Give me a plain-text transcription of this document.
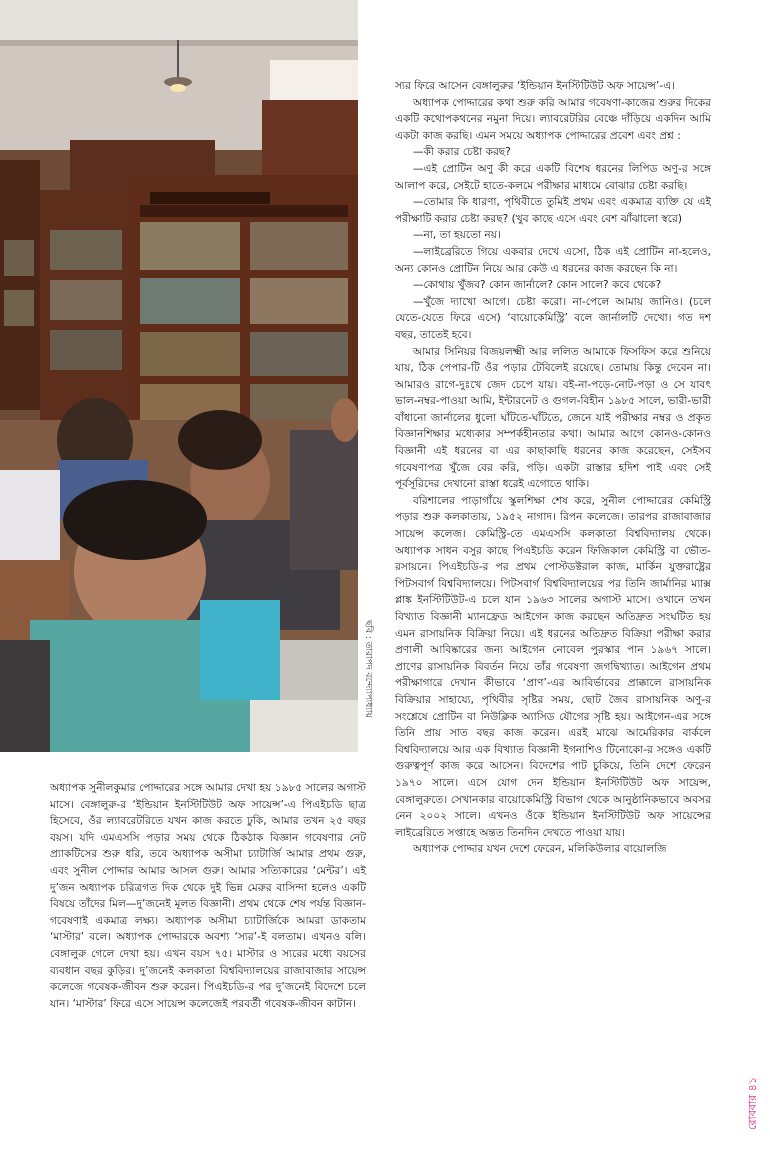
ছবি : তারাপদ বন্দ্যোপাধ্যায়

অধ্যাপক সুনীলকুমার পোদ্দারের সঙ্গে আমার দেখা হয় ১৯৮৫ সালের অগাস্ট মাসে। বেঙ্গালুরু-র ‘ইন্ডিয়ান ইনস্টিটিউট অফ সায়েন্স’-এ পিএইচডি ছাত্র হিসেবে, ওঁর ল্যাবরেটরিতে যখন কাজ করতে ঢুকি, আমার তখন ২৫ বছর বয়স। যদি এমএসসি পড়ার সময় থেকে ঠিকঠাক বিজ্ঞান গবেষণার নেট প্র্যাকটিসের শুরু ধরি, তবে অধ্যাপক অসীমা চ্যাটার্জি আমার প্রথম গুরু, এবং সুনীল পোদ্দার আমার আসল গুরু। আমার সত্যিকারের ‘মেন্টর’। এই দু’জন অধ্যাপক চরিত্রগত দিক থেকে দুই ভিন্ন মেরুর বাসিন্দা হলেও একটি বিষয়ে তাঁদের মিল—দু’জনেই মূলত বিজ্ঞানী। প্রথম থেকে শেষ পর্যন্ত বিজ্ঞান-গবেষণাই একমাত্র লক্ষ্য। অধ্যাপক অসীমা চ্যাটার্জিকে আমরা ডাকতাম ‘মাস্টার’ বলে। অধ্যাপক পোদ্দারকে অবশ্য ‘স্যর’-ই বলতাম। এখনও বলি। বেঙ্গালুরু গেলে দেখা হয়। এখন বয়স ৭৫। মাস্টার ও স্যরের মধ্যে বয়সের ব্যবধান বছর কুড়ির। দু’জনেই কলকাতা বিশ্ববিদ্যালয়ের রাজাবাজার সায়েন্স কলেজে গবেষক-জীবন শুরু করেন। পিএইচডি-র পর দু’জনেই বিদেশে চলে যান। ‘মাস্টার’ ফিরে এসে সায়েন্স কলেজেই পরবর্তী গবেষক-জীবন কাটান।

স্যর ফিরে আসেন বেঙ্গালুরুর ‘ইন্ডিয়ান ইনস্টিটিউট অফ সায়েন্স’-এ।

অধ্যাপক পোদ্দারের কথা শুরু করি আমার গবেষণা-কাজের শুরুর দিকের একটি কথোপকথনের নমুনা দিয়ে। ল্যাবরেটরির বেঞ্চে দাঁড়িয়ে একদিন আমি একটা কাজ করছি। এমন সময়ে অধ্যাপক পোদ্দারের প্রবেশ এবং প্রশ্ন :

—কী করার চেষ্টা করছ?

—এই প্রোটিন অণু কী করে একটি বিশেষ ধরনের লিপিড অণু-র সঙ্গে আলাপ করে, সেইটে হাতে-কলমে পরীক্ষার মাধ্যমে বোঝার চেষ্টা করছি।

—তোমার কি ধারণা, পৃথিবীতে তুমিই প্রথম এবং একমাত্র ব্যক্তি যে এই পরীক্ষাটি করার চেষ্টা করছ? (খুব কাছে এসে এবং বেশ ঝাঁঝালো স্বরে)

—না, তা হয়তো নয়।

—লাইব্রেরিতে গিয়ে একবার দেখে এসো, ঠিক এই প্রোটিন না-হলেও, অন্য কোনও প্রোটিন নিয়ে আর কেউ এ ধরনের কাজ করছেন কি না।

—কোথায় খুঁজব? কোন জার্নালে? কোন সালে? কবে থেকে?

—খুঁজে দ্যাখো আগে। চেষ্টা করো। না-পেলে আমায় জানিও। (চলে যেতে-যেতে ফিরে এসে) ‘বায়োকেমিস্ট্রি’ বলে জার্নালটি দেখো। গত দশ বছর, তাতেই হবে।

আমার সিনিয়র বিজয়লক্ষ্মী আর ললিত আমাকে ফিসফিস করে শুনিয়ে যায়, ঠিক পেপার-টি ওঁর পড়ার টেবিলেই রয়েছে। তোমায় কিন্তু দেবেন না। আমারও রাগে-দুঃখে জেদ চেপে যায়। বই-না-পড়ে-নোট-পড়া ও সে যাবৎ ভাল-নম্বর-পাওয়া আমি, ইন্টারনেট ও গুগল-বিহীন ১৯৮৫ সালে, ভারী-ভারী বাঁধানো জার্নালের ধুলো ঘাঁটতে-ঘাঁটতে, জেনে যাই পরীক্ষার নম্বর ও প্রকৃত বিজ্ঞানশিক্ষার মধ্যেকার সম্পর্কহীনতার কথা। আমার আগে কোনও-কোনও বিজ্ঞানী এই ধরনের বা এর কাছাকাছি ধরনের কাজ করেছেন, সেইসব গবেষণাপত্র খুঁজে বের করি, পড়ি। একটা রাস্তার হদিশ পাই এবং সেই পূর্বসূরিদের দেখানো রাস্তা ধরেই এগোতে থাকি।

বরিশালের পাড়াগাঁয়ে স্কুলশিক্ষা শেষ করে, সুনীল পোদ্দারের কেমিস্ট্রি পড়ার শুরু কলকাতায়, ১৯৫২ নাগাদ। রিপন কলেজে। তারপর রাজাবাজার সায়েন্স কলেজ। কেমিস্ট্রি-তে এমএসসি কলকাতা বিশ্ববিদ্যালয় থেকে। অধ্যাপক সাধন বসুর কাছে পিএইচডি করেন ফিজিকাল কেমিস্ট্রি বা ভৌত-রসায়নে। পিএইচডি-র পর প্রথম পোস্টডক্টরাল কাজ, মার্কিন যুক্তরাষ্ট্রের পিটসবার্গ বিশ্ববিদ্যালয়ে। পিটসবার্গ বিশ্ববিদ্যালয়ের পর তিনি জার্মানির ম্যাক্স প্লাঙ্ক ইনস্টিটিউট-এ চলে যান ১৯৬৩ সালের অগাস্ট মাসে। ওখানে তখন বিখ্যাত বিজ্ঞানী ম্যানফ্রেড আইগেন কাজ করছেন অতিদ্রুত সংঘটিত হয় এমন রাসায়নিক বিক্রিয়া নিয়ে। এই ধরনের অতিদ্রুত বিক্রিয়া পরীক্ষা করার প্রণালী আবিষ্কারের জন্য আইগেন নোবেল পুরস্কার পান ১৯৬৭ সালে। প্রাণের রাসায়নিক বিবর্তন নিয়ে তাঁর গবেষণা জগদ্বিখ্যাত। আইগেন প্রথম পরীক্ষাগারে দেখান কীভাবে ‘প্রাণ’-এর আবির্ভাবের প্রাক্কালে রাসায়নিক বিক্রিয়ার সাহায্যে, পৃথিবীর সৃষ্টির সময়, ছোট জৈব রাসায়নিক অণু-র সংশ্লেষে প্রোটিন বা নিউক্লিক অ্যাসিড যৌগের সৃষ্টি হয়। আইগেন-এর সঙ্গে তিনি প্রায় সাত বছর কাজ করেন। এরই মাঝে আমেরিকার বার্কলে বিশ্ববিদ্যালয়ে আর এক বিখ্যাত বিজ্ঞানী ইগনাশিও টিনোকো-র সঙ্গেও একটি গুরুত্বপূর্ণ কাজ করে আসেন। বিদেশের পাট চুকিয়ে, তিনি দেশে ফেরেন ১৯৭০ সালে। এসে যোগ দেন ইন্ডিয়ান ইনস্টিটিউট অফ সায়েন্স, বেঙ্গালুরুতে। সেখানকার বায়োকেমিস্ট্রি বিভাগ থেকে আনুষ্ঠানিকভাবে অবসর নেন ২০০২ সালে। এখনও ওঁকে ইন্ডিয়ান ইনস্টিটিউট অফ সায়েন্সের লাইব্রেরিতে সপ্তাহে অন্তত তিনদিন দেখতে পাওয়া যায়।

অধ্যাপক পোদ্দার যখন দেশে ফেরেন, মলিকিউলার বায়োলজি

রোববার ৪১
